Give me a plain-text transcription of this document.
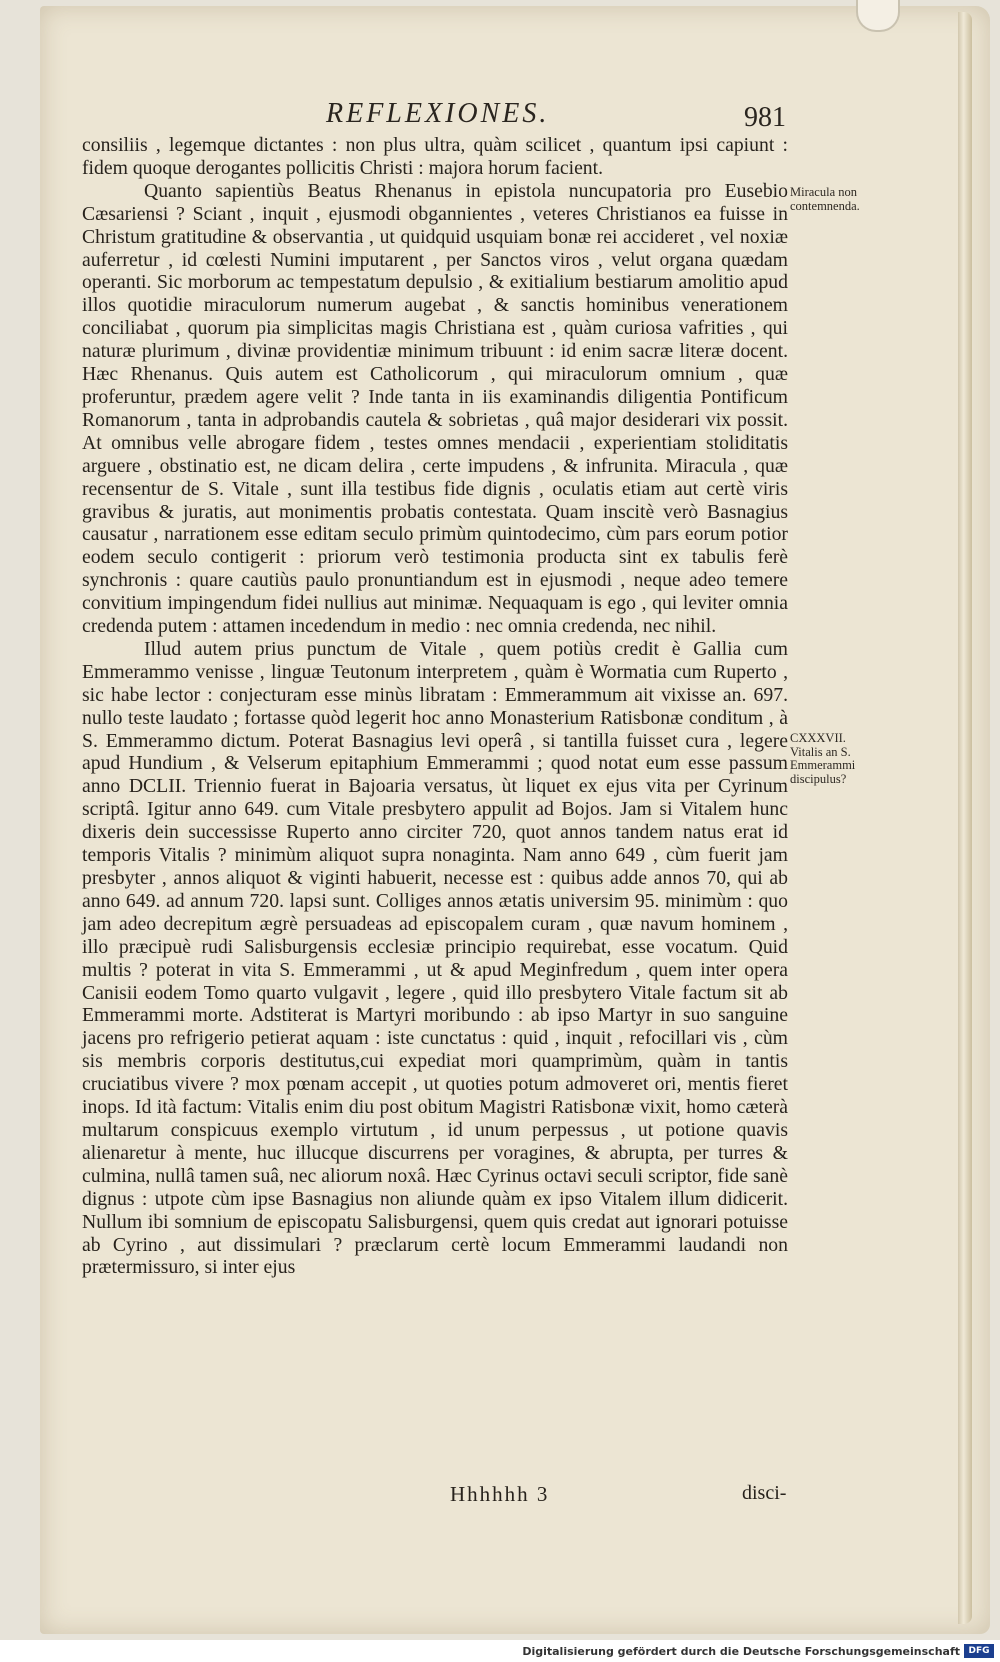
REFLEXIONES.	981

consiliis , legemque dictantes : non plus ultra, quàm scilicet , quantum ipsi capiunt : fidem quoque derogantes pollicitis Christi : majora horum facient.

Quanto sapientiùs Beatus Rhenanus in epistola nuncupatoria pro Eusebio Cæsariensi ? Sciant , inquit , ejusmodi obgannientes , veteres Christianos ea fuisse in Christum gratitudine & observantia , ut quidquid usquiam bonæ rei accideret , vel noxiæ auferretur , id cœlesti Numini imputarent , per Sanctos viros , velut organa quædam operanti. Sic morborum ac tempestatum depulsio , & exitialium bestiarum amolitio apud illos quotidie miraculorum numerum augebat , & sanctis hominibus venerationem conciliabat , quorum pia simplicitas magis Christiana est , quàm curiosa vafrities , qui naturæ plurimum , divinæ providentiæ minimum tribuunt : id enim sacræ literæ docent. Hæc Rhenanus. Quis autem est Catholicorum , qui miraculorum omnium , quæ proferuntur, prædem agere velit ? Inde tanta in iis examinandis diligentia Pontificum Romanorum , tanta in adprobandis cautela & sobrietas , quâ major desiderari vix possit. At omnibus velle abrogare fidem , testes omnes mendacii , experientiam stoliditatis arguere , obstinatio est, ne dicam delira , certe impudens , & infrunita. Miracula , quæ recensentur de S. Vitale , sunt illa testibus fide dignis , oculatis etiam aut certè viris gravibus & juratis, aut monimentis probatis contestata. Quam inscitè verò Basnagius causatur , narrationem esse editam seculo primùm quintodecimo, cùm pars eorum potior eodem seculo contigerit : priorum verò testimonia producta sint ex tabulis ferè synchronis : quare cautiùs paulo pronuntiandum est in ejusmodi , neque adeo temere convitium impingendum fidei nullius aut minimæ. Nequaquam is ego , qui leviter omnia credenda putem : attamen incedendum in medio : nec omnia credenda, nec nihil.

Illud autem prius punctum de Vitale , quem potiùs credit è Gallia cum Emmerammo venisse , linguæ Teutonum interpretem , quàm è Wormatia cum Ruperto , sic habe lector : conjecturam esse minùs libratam : Emmerammum ait vixisse an. 697. nullo teste laudato ; fortasse quòd legerit hoc anno Monasterium Ratisbonæ conditum , à S. Emmerammo dictum. Poterat Basnagius levi operâ , si tantilla fuisset cura , legere apud Hundium , & Velserum epitaphium Emmerammi ; quod notat eum esse passum anno DCLII. Triennio fuerat in Bajoaria versatus, ùt liquet ex ejus vita per Cyrinum scriptâ. Igitur anno 649. cum Vitale presbytero appulit ad Bojos. Jam si Vitalem hunc dixeris dein successisse Ruperto anno circiter 720, quot annos tandem natus erat id temporis Vitalis ? minimùm aliquot supra nonaginta. Nam anno 649 , cùm fuerit jam presbyter , annos aliquot & viginti habuerit, necesse est : quibus adde annos 70, qui ab anno 649. ad annum 720. lapsi sunt. Colliges annos ætatis universim 95. minimùm : quo jam adeo decrepitum ægrè persuadeas ad episcopalem curam , quæ navum hominem , illo præcipuè rudi Salisburgensis ecclesiæ principio requirebat, esse vocatum. Quid multis ? poterat in vita S. Emmerammi , ut & apud Meginfredum , quem inter opera Canisii eodem Tomo quarto vulgavit , legere , quid illo presbytero Vitale factum sit ab Emmerammi morte. Adstiterat is Martyri moribundo : ab ipso Martyr in suo sanguine jacens pro refrigerio petierat aquam : iste cunctatus : quid , inquit , refocillari vis , cùm sis membris corporis destitutus,cui expediat mori quamprimùm, quàm in tantis cruciatibus vivere ? mox pœnam accepit , ut quoties potum admoveret ori, mentis fieret inops. Id ità factum: Vitalis enim diu post obitum Magistri Ratisbonæ vixit, homo cæterà multarum conspicuus exemplo virtutum , id unum perpessus , ut potione quavis alienaretur à mente, huc illucque discurrens per voragines, & abrupta, per turres & culmina, nullâ tamen suâ, nec aliorum noxâ. Hæc Cyrinus octavi seculi scriptor, fide sanè dignus : utpote cùm ipse Basnagius non aliunde quàm ex ipso Vitalem illum didicerit. Nullum ibi somnium de episcopatu Salisburgensi, quem quis credat aut ignorari potuisse ab Cyrino , aut dissimulari ? præclarum certè locum Emmerammi laudandi non prætermissuro, si inter ejus

Miracula non contemnenda.
CXXXVII. Vitalis an S. Emmerammi discipulus?
Hhhhhh 3	disci-
Digitalisierung gefördert durch die Deutsche Forschungsgemeinschaft DFG
